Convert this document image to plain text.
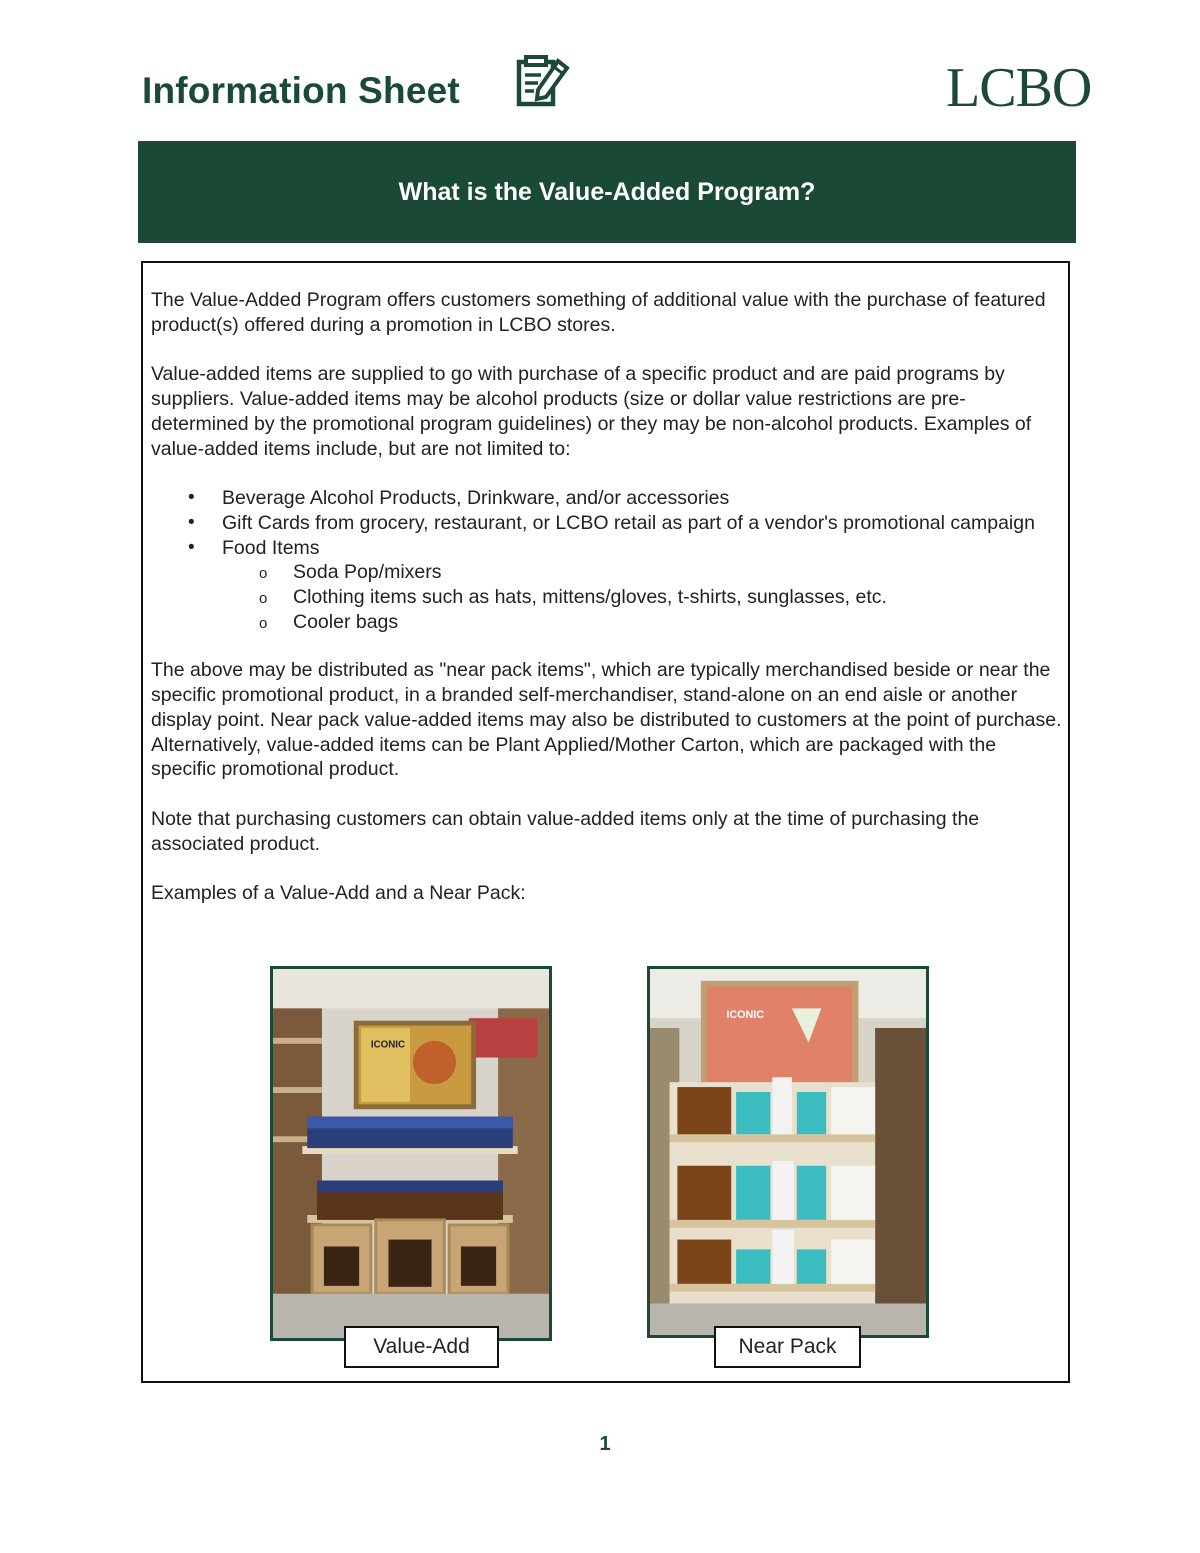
Information Sheet	LCBO
What is the Value-Added Program?

The Value-Added Program offers customers something of additional value with the purchase of featured product(s) offered during a promotion in LCBO stores.

Value-added items are supplied to go with purchase of a specific product and are paid programs by suppliers. Value-added items may be alcohol products (size or dollar value restrictions are pre-determined by the promotional program guidelines) or they may be non-alcohol products. Examples of value-added items include, but are not limited to:

• Beverage Alcohol Products, Drinkware, and/or accessories
• Gift Cards from grocery, restaurant, or LCBO retail as part of a vendor's promotional campaign
• Food Items
o Soda Pop/mixers
o Clothing items such as hats, mittens/gloves, t-shirts, sunglasses, etc.
o Cooler bags

The above may be distributed as "near pack items", which are typically merchandised beside or near the specific promotional product, in a branded self-merchandiser, stand-alone on an end aisle or another display point. Near pack value-added items may also be distributed to customers at the point of purchase. Alternatively, value-added items can be Plant Applied/Mother Carton, which are packaged with the specific promotional product.

Note that purchasing customers can obtain value-added items only at the time of purchasing the associated product.

Examples of a Value-Add and a Near Pack:

ICONIC
Value-Add
ICONIC
Near Pack
1
